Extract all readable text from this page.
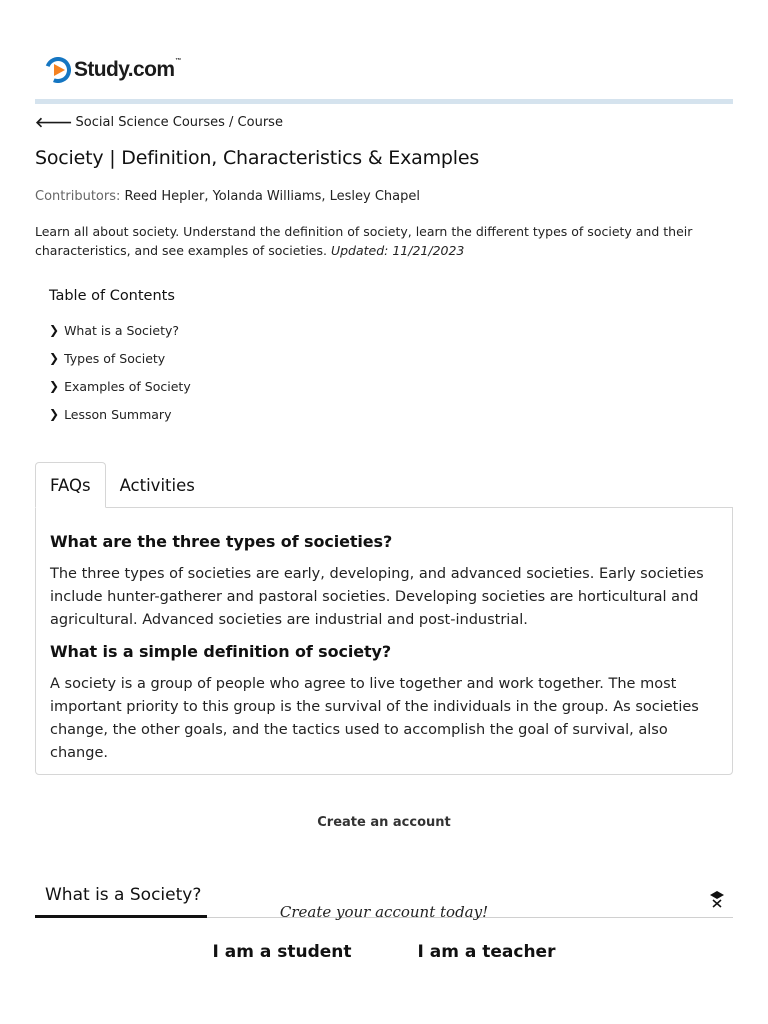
Study.com™
🡐 Social Science Courses / Course
Society | Definition, Characteristics & Examples
Contributors: Reed Hepler, Yolanda Williams, Lesley Chapel

Learn all about society. Understand the definition of society, learn the different types of society and their characteristics, and see examples of societies. Updated: 11/21/2023

Table of Contents
❯ What is a Society?
❯ Types of Society
❯ Examples of Society
❯ Lesson Summary
FAQs	Activities
What are the three types of societies?
The three types of societies are early, developing, and advanced societies. Early societies include hunter-gatherer and pastoral societies. Developing societies are horticultural and agricultural. Advanced societies are industrial and post-industrial.
What is a simple definition of society?
A society is a group of people who agree to live together and work together. The most important priority to this group is the survival of the individuals in the group. As societies change, the other goals, and the tactics used to accomplish the goal of survival, also change.
Create an account
What is a Society?
Create your account today!
I am a student	I am a teacher
